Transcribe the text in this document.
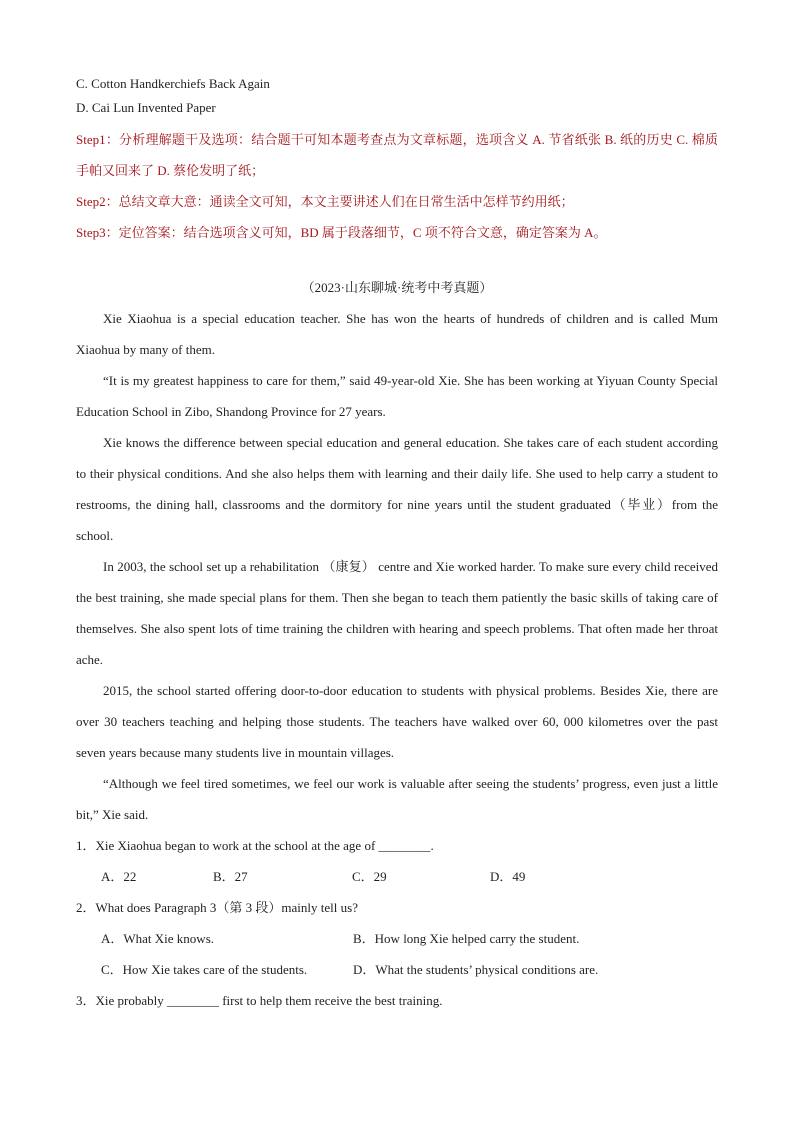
C. Cotton Handkerchiefs Back Again

D. Cai Lun Invented Paper

Step1：分析理解题干及选项：结合题干可知本题考查点为文章标题，选项含义 A. 节省纸张 B. 纸的历史 C. 棉质手帕又回来了 D. 蔡伦发明了纸；

Step2：总结文章大意：通读全文可知，本文主要讲述人们在日常生活中怎样节约用纸；

Step3：定位答案：结合选项含义可知，BD 属于段落细节，C 项不符合文意，确定答案为 A。

（2023·山东聊城·统考中考真题）

Xie Xiaohua is a special education teacher. She has won the hearts of hundreds of children and is called Mum Xiaohua by many of them.

“It is my greatest happiness to care for them,” said 49-year-old Xie. She has been working at Yiyuan County Special Education School in Zibo, Shandong Province for 27 years.

Xie knows the difference between special education and general education. She takes care of each student according to their physical conditions. And she also helps them with learning and their daily life. She used to help carry a student to restrooms, the dining hall, classrooms and the dormitory for nine years until the student graduated（毕业）from the school.

In 2003, the school set up a rehabilitation （康复） centre and Xie worked harder. To make sure every child received the best training, she made special plans for them. Then she began to teach them patiently the basic skills of taking care of themselves. She also spent lots of time training the children with hearing and speech problems. That often made her throat ache.

2015, the school started offering door-to-door education to students with physical problems. Besides Xie, there are over 30 teachers teaching and helping those students. The teachers have walked over 60, 000 kilometres over the past seven years because many students live in mountain villages.

“Although we feel tired sometimes, we feel our work is valuable after seeing the students’ progress, even just a little bit,” Xie said.

1．Xie Xiaohua began to work at the school at the age of ________.

A．22	B．27	C．29	D．49

2．What does Paragraph 3（第 3 段）mainly tell us?

A．What Xie knows.	B．How long Xie helped carry the student.
C．How Xie takes care of the students.	D．What the students’ physical conditions are.

3．Xie probably ________ first to help them receive the best training.
